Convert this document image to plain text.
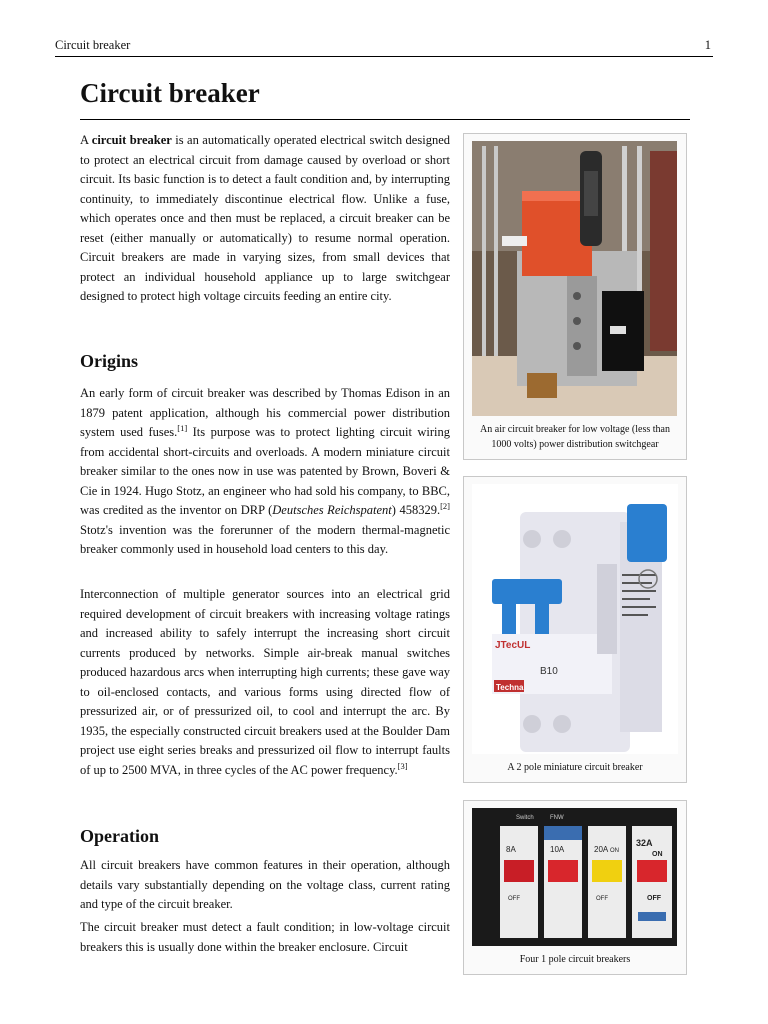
Circuit breaker	1
Circuit breaker

A circuit breaker is an automatically operated electrical switch designed to protect an electrical circuit from damage caused by overload or short circuit. Its basic function is to detect a fault condition and, by interrupting continuity, to immediately discontinue electrical flow. Unlike a fuse, which operates once and then must be replaced, a circuit breaker can be reset (either manually or automatically) to resume normal operation. Circuit breakers are made in varying sizes, from small devices that protect an individual household appliance up to large switchgear designed to protect high voltage circuits feeding an entire city.

Origins

An early form of circuit breaker was described by Thomas Edison in an 1879 patent application, although his commercial power distribution system used fuses.[1] Its purpose was to protect lighting circuit wiring from accidental short-circuits and overloads. A modern miniature circuit breaker similar to the ones now in use was patented by Brown, Boveri & Cie in 1924. Hugo Stotz, an engineer who had sold his company, to BBC, was credited as the inventor on DRP (Deutsches Reichspatent) 458329.[2] Stotz's invention was the forerunner of the modern thermal-magnetic breaker commonly used in household load centers to this day.

Interconnection of multiple generator sources into an electrical grid required development of circuit breakers with increasing voltage ratings and increased ability to safely interrupt the increasing short circuit currents produced by networks. Simple air-break manual switches produced hazardous arcs when interrupting high currents; these gave way to oil-enclosed contacts, and various forms using directed flow of pressurized air, or of pressurized oil, to cool and interrupt the arc. By 1935, the especially constructed circuit breakers used at the Boulder Dam project use eight series breaks and pressurized oil flow to interrupt faults of up to 2500 MVA, in three cycles of the AC power frequency.[3]

Operation

All circuit breakers have common features in their operation, although details vary substantially depending on the voltage class, current rating and type of the circuit breaker.

The circuit breaker must detect a fault condition; in low-voltage circuit breakers this is usually done within the breaker enclosure. Circuit

An air circuit breaker for low voltage (less than 1000 volts) power distribution switchgear
JTecUL
B10
Techna
A 2 pole miniature circuit breaker
Switch	FNW
8A
OFF
10A	20A ON
OFF
32A
ON
OFF
Four 1 pole circuit breakers
